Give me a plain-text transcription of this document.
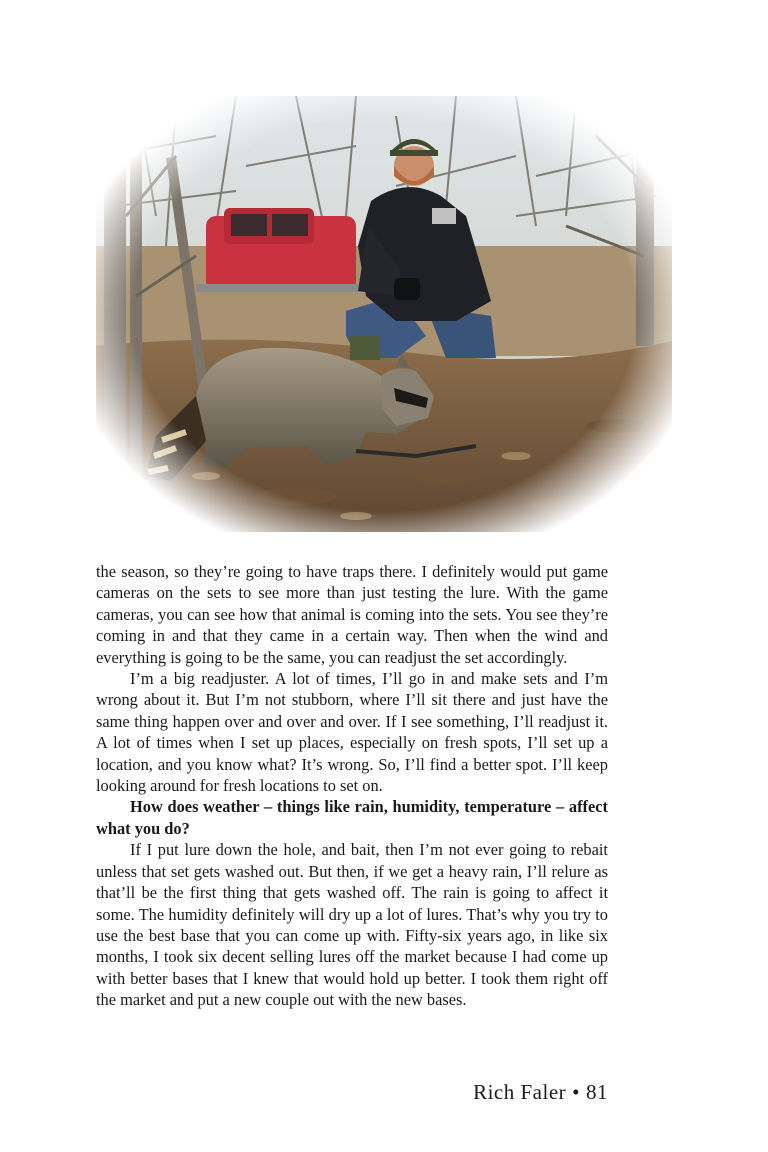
the season, so they’re going to have traps there. I definitely would put game cameras on the sets to see more than just testing the lure. With the game cameras, you can see how that animal is coming into the sets. You see they’re coming in and that they came in a certain way. Then when the wind and everything is going to be the same, you can readjust the set accordingly.

I’m a big readjuster. A lot of times, I’ll go in and make sets and I’m wrong about it. But I’m not stubborn, where I’ll sit there and just have the same thing happen over and over and over. If I see something, I’ll readjust it. A lot of times when I set up places, especially on fresh spots, I’ll set up a location, and you know what? It’s wrong. So, I’ll find a better spot. I’ll keep looking around for fresh locations to set on.

How does weather – things like rain, humidity, temperature – affect what you do?

If I put lure down the hole, and bait, then I’m not ever going to rebait unless that set gets washed out. But then, if we get a heavy rain, I’ll relure as that’ll be the first thing that gets washed off. The rain is going to affect it some. The humidity definitely will dry up a lot of lures. That’s why you try to use the best base that you can come up with. Fifty-six years ago, in like six months, I took six decent selling lures off the market because I had come up with better bases that I knew that would hold up better. I took them right off the market and put a new couple out with the new bases.

Rich Faler • 81
